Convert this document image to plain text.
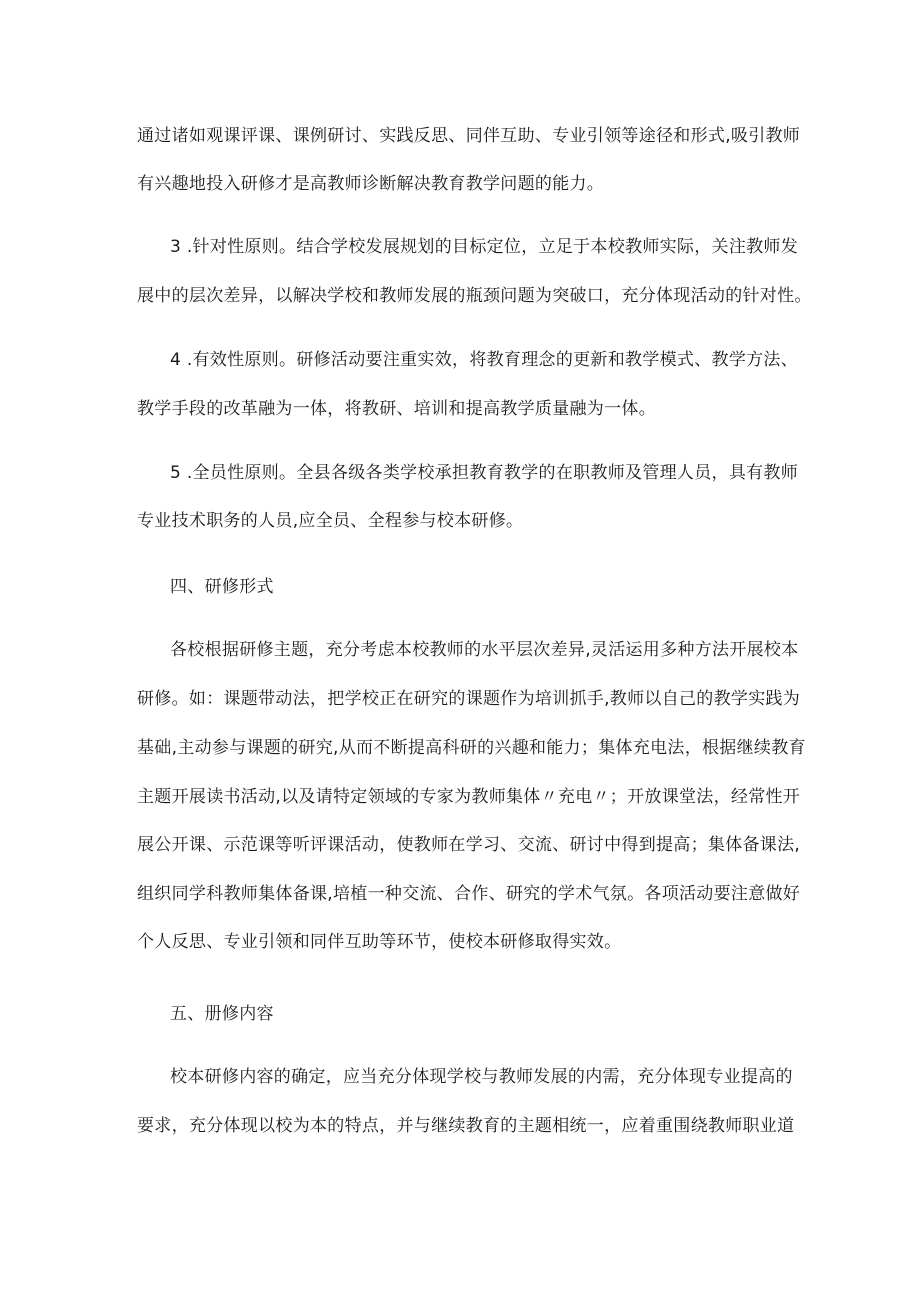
通过诸如观课评课、课例研讨、实践反思、同伴互助、专业引领等途径和形式,吸引教师
有兴趣地投入研修才是高教师诊断解决教育教学问题的能力。
3 .针对性原则。结合学校发展规划的目标定位，立足于本校教师实际，关注教师发
展中的层次差异，以解决学校和教师发展的瓶颈问题为突破口，充分体现活动的针对性。
4 .有效性原则。研修活动要注重实效，将教育理念的更新和教学模式、教学方法、
教学手段的改革融为一体，将教研、培训和提高教学质量融为一体。
5 .全员性原则。全县各级各类学校承担教育教学的在职教师及管理人员，具有教师
专业技术职务的人员,应全员、全程参与校本研修。
四、研修形式
各校根据研修主题，充分考虑本校教师的水平层次差异,灵活运用多种方法开展校本
研修。如：课题带动法，把学校正在研究的课题作为培训抓手,教师以自己的教学实践为
基础,主动参与课题的研究,从而不断提高科研的兴趣和能力；集体充电法，根据继续教育
主题开展读书活动,以及请特定领域的专家为教师集体〃充电〃；开放课堂法，经常性开
展公开课、示范课等听评课活动，使教师在学习、交流、研讨中得到提高；集体备课法,
组织同学科教师集体备课,培植一种交流、合作、研究的学术气氛。各项活动要注意做好
个人反思、专业引领和同伴互助等环节，使校本研修取得实效。
五、册修内容
校本研修内容的确定，应当充分体现学校与教师发展的内需，充分体现专业提高的
要求，充分体现以校为本的特点，并与继续教育的主题相统一，应着重围绕教师职业道
